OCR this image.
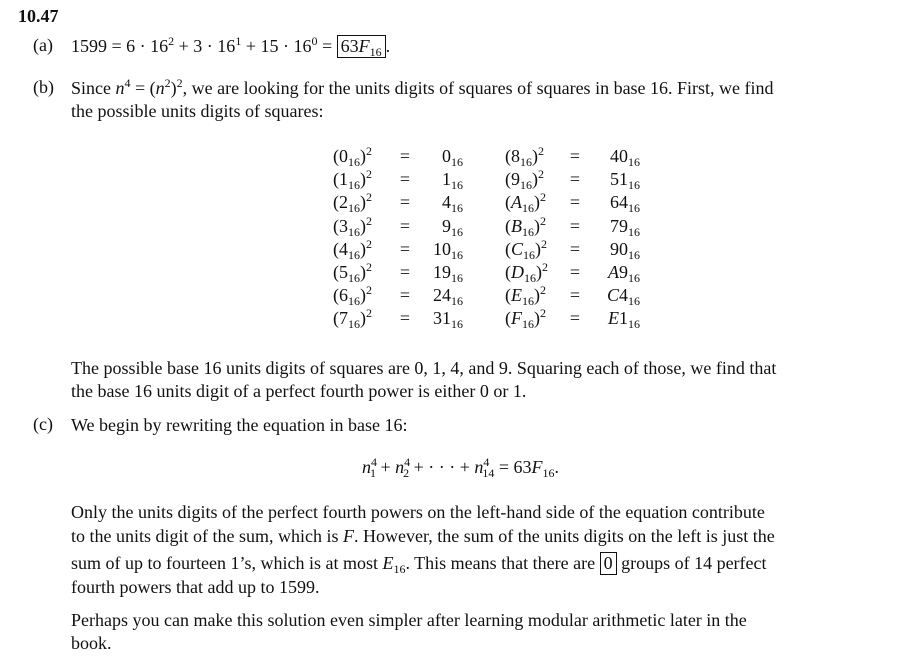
10.47
(a) $1599 = 6 \cdot 16^2 + 3 \cdot 16^1 + 15 \cdot 16^0 = 63F_{16}$ .
(b) Since $n^4 = (n^2)^2$, we are looking for the units digits of squares of squares in base 16. First, we find
the possible units digits of squares:
$(0_{16})^2$	=	$0_{16}$
$(1_{16})^2$	=	$1_{16}$
$(2_{16})^2$	=	$4_{16}$
$(3_{16})^2$	=	$9_{16}$
$(4_{16})^2$	=	$10_{16}$
$(5_{16})^2$	=	$19_{16}$
$(6_{16})^2$	=	$24_{16}$
$(7_{16})^2$	=	$31_{16}$
$(8_{16})^2$	=	$40_{16}$
$(9_{16})^2$	=	$51_{16}$
$(A_{16})^2$	=	$64_{16}$
$(B_{16})^2$	=	$79_{16}$
$(C_{16})^2$	=	$90_{16}$
$(D_{16})^2$	=	$A9_{16}$
$(E_{16})^2$	=	$C4_{16}$
$(F_{16})^2$	=	$E1_{16}$
The possible base 16 units digits of squares are 0, 1, 4, and 9. Squaring each of those, we find that
the base 16 units digit of a perfect fourth power is either 0 or 1.
(c) We begin by rewriting the equation in base 16:
$n^4_1 + n^4_2$ + · · · + $n^4_{14} = 63F_{16}$.
Only the units digits of the perfect fourth powers on the left-hand side of the equation contribute
to the units digit of the sum, which is F. However, the sum of the units digits on the left is just the
sum of up to fourteen 1’s, which is at most $E_{16}$. This means that there are 0 groups of 14 perfect
fourth powers that add up to 1599.
Perhaps you can make this solution even simpler after learning modular arithmetic later in the
book.
